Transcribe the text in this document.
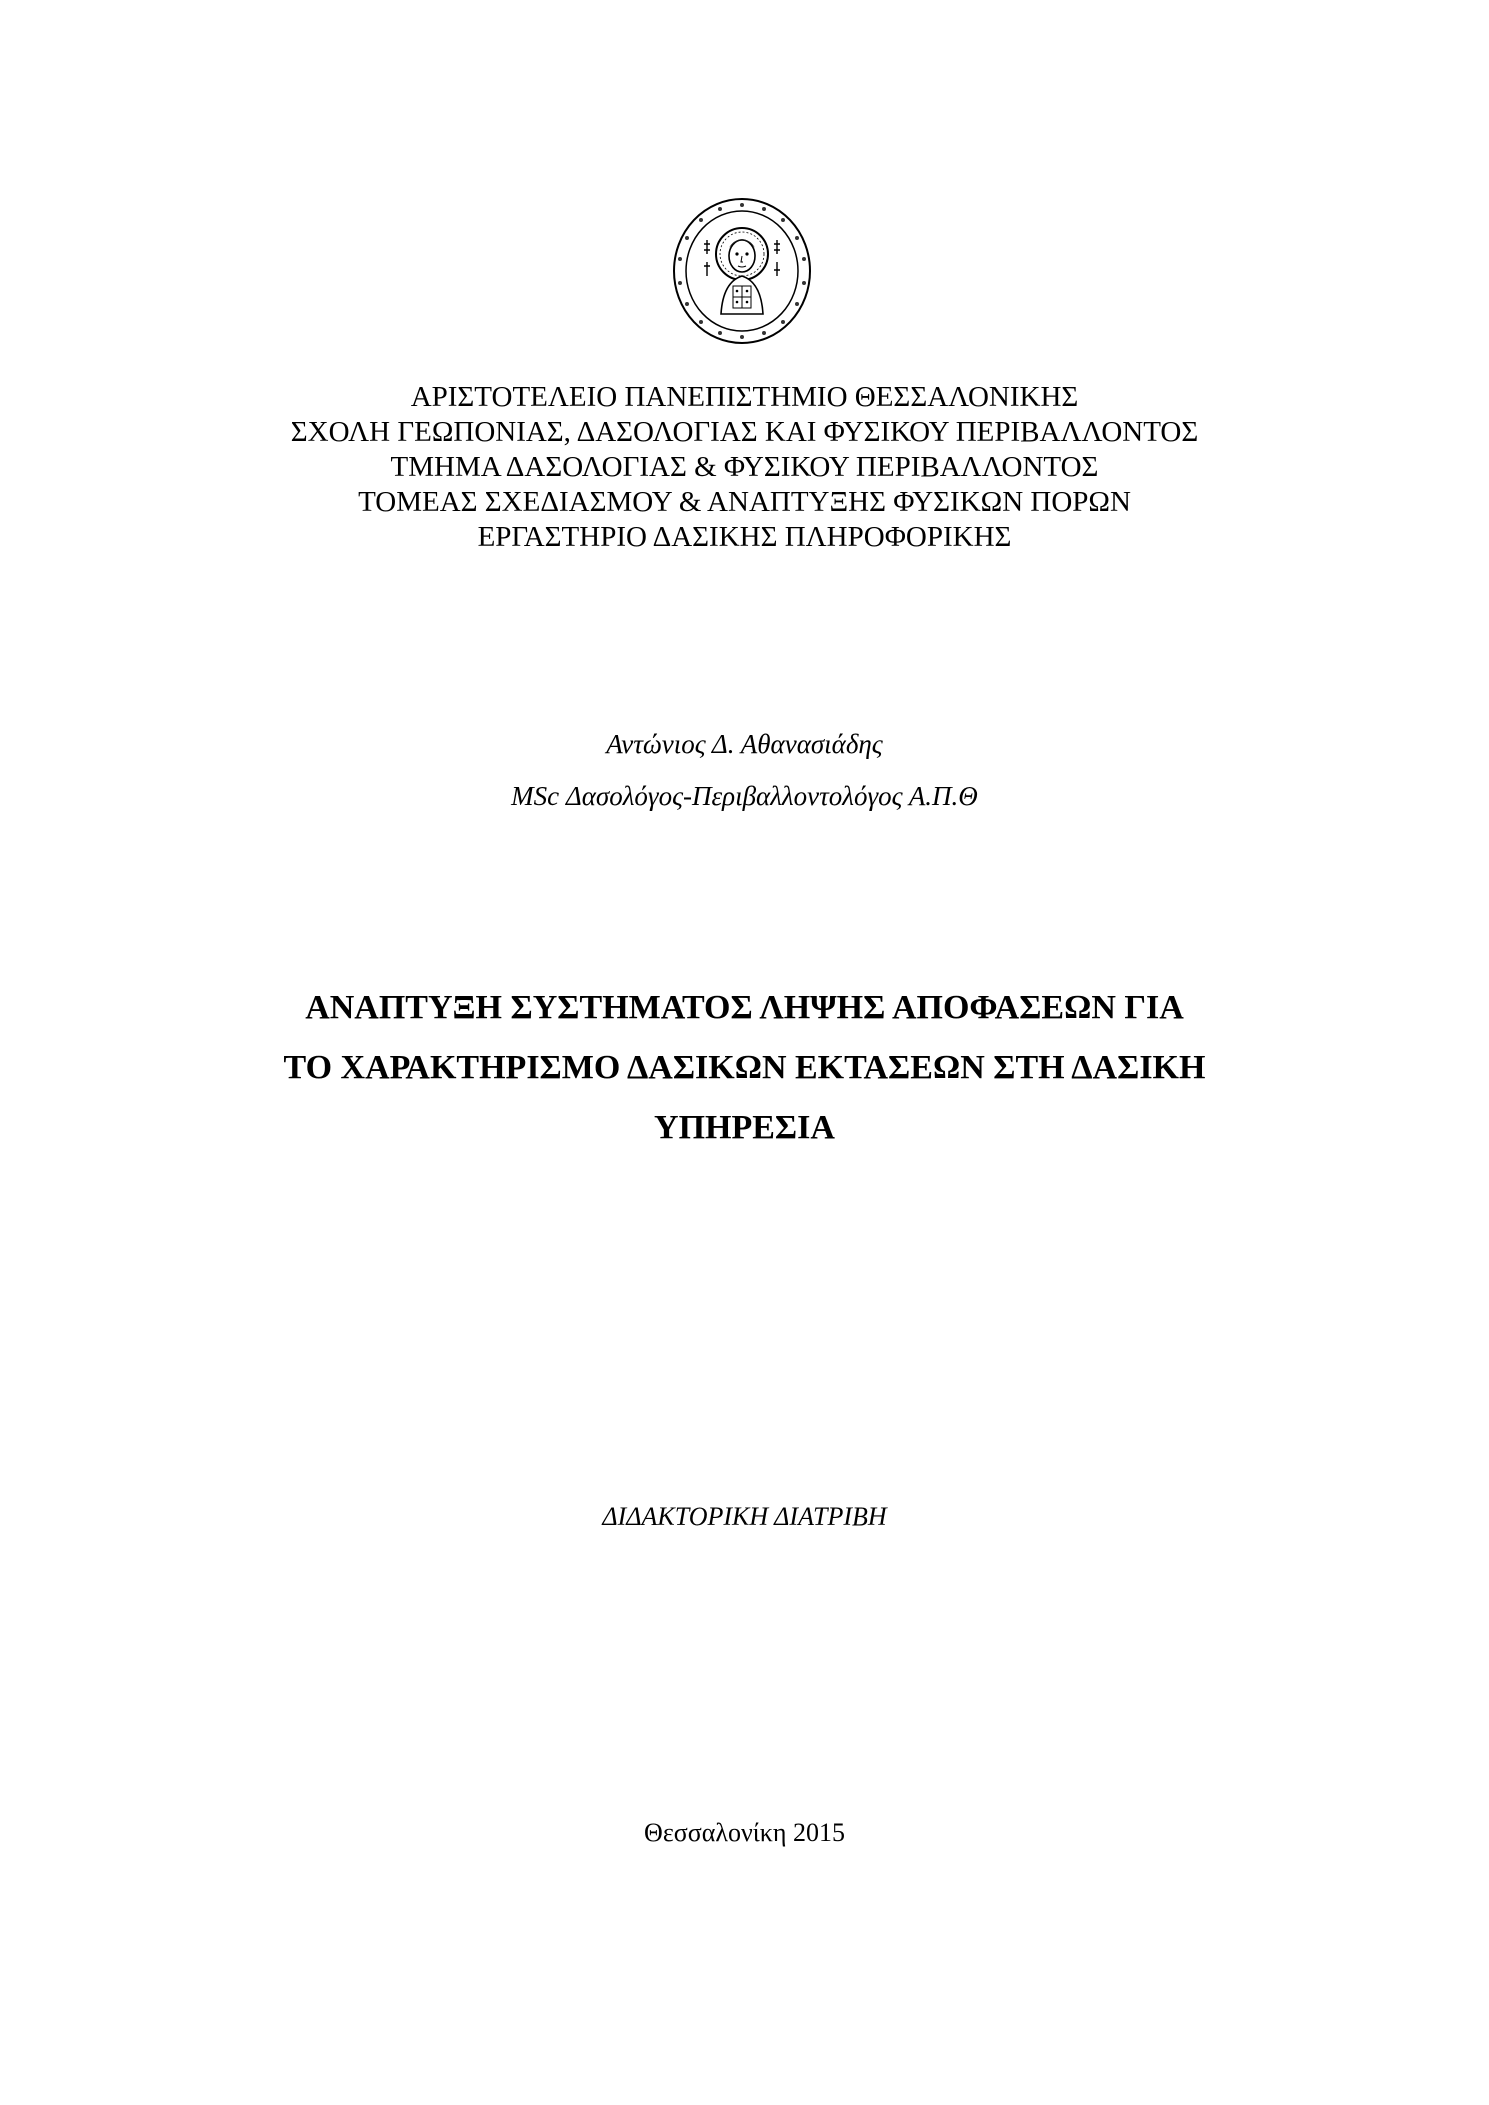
ΑΡΙΣΤΟΤΕΛΕΙΟ ΠΑΝΕΠΙΣΤΗΜΙΟ ΘΕΣΣΑΛΟΝΙΚΗΣ
ΣΧΟΛΗ ΓΕΩΠΟΝΙΑΣ, ΔΑΣΟΛΟΓΙΑΣ ΚΑΙ ΦΥΣΙΚΟΥ ΠΕΡΙΒΑΛΛΟΝΤΟΣ
ΤΜΗΜΑ ΔΑΣΟΛΟΓΙΑΣ & ΦΥΣΙΚΟΥ ΠΕΡΙΒΑΛΛΟΝΤΟΣ
ΤΟΜΕΑΣ ΣΧΕΔΙΑΣΜΟΥ & ΑΝΑΠΤΥΞΗΣ ΦΥΣΙΚΩΝ ΠΟΡΩΝ
ΕΡΓΑΣΤΗΡΙΟ ΔΑΣΙΚΗΣ ΠΛΗΡΟΦΟΡΙΚΗΣ
Αντώνιος Δ. Αθανασιάδης
MSc Δασολόγος-Περιβαλλοντολόγος Α.Π.Θ
ΑΝΑΠΤΥΞΗ ΣΥΣΤΗΜΑΤΟΣ ΛΗΨΗΣ ΑΠΟΦΑΣΕΩΝ ΓΙΑ
ΤΟ ΧΑΡΑΚΤΗΡΙΣΜΟ ΔΑΣΙΚΩΝ ΕΚΤΑΣΕΩΝ ΣΤΗ ΔΑΣΙΚΗ
ΥΠΗΡΕΣΙΑ
ΔΙΔΑΚΤΟΡΙΚΗ ΔΙΑΤΡΙΒΗ
Θεσσαλονίκη 2015
